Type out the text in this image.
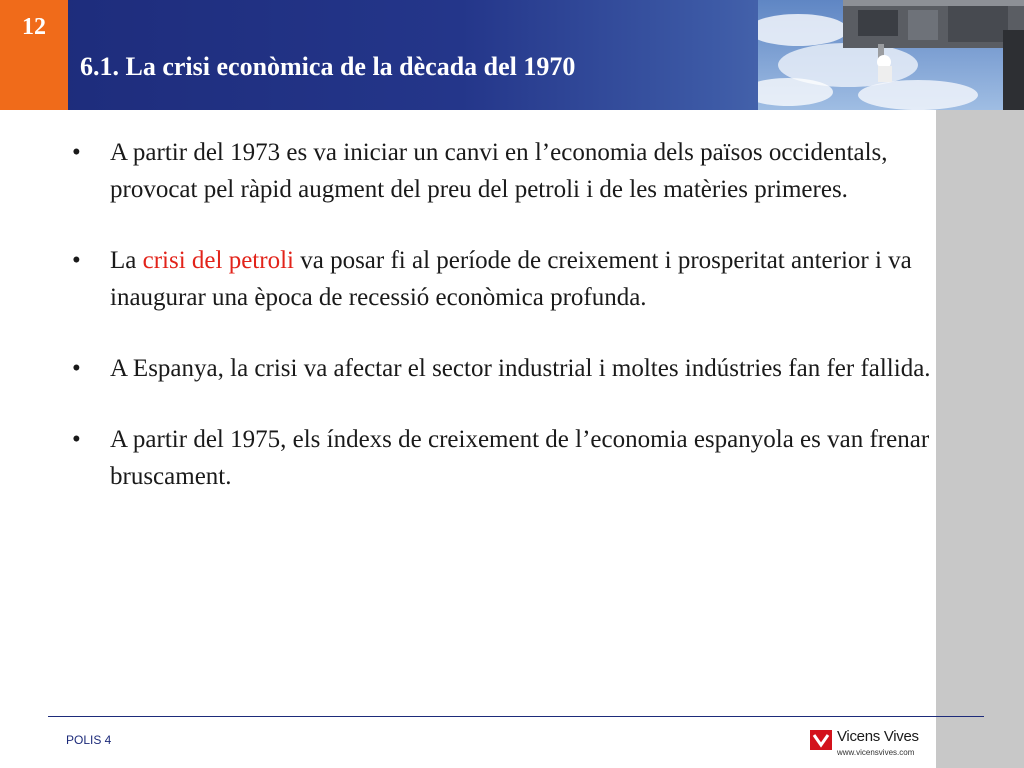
12
6.1. La crisi econòmica de la dècada del 1970
• A partir del 1973 es va iniciar un canvi en l’economia dels països occidentals, provocat pel ràpid augment del preu del petroli i de les matèries primeres.
• La crisi del petroli va posar fi al període de creixement i prosperitat anterior i va inaugurar una època de recessió econòmica profunda.
• A Espanya, la crisi va afectar el sector industrial i moltes indústries fan fer fallida.
• A partir del 1975, els índexs de creixement de l’economia espanyola es van frenar bruscament.
POLIS 4	Vicens Vives
www.vicensvives.com
